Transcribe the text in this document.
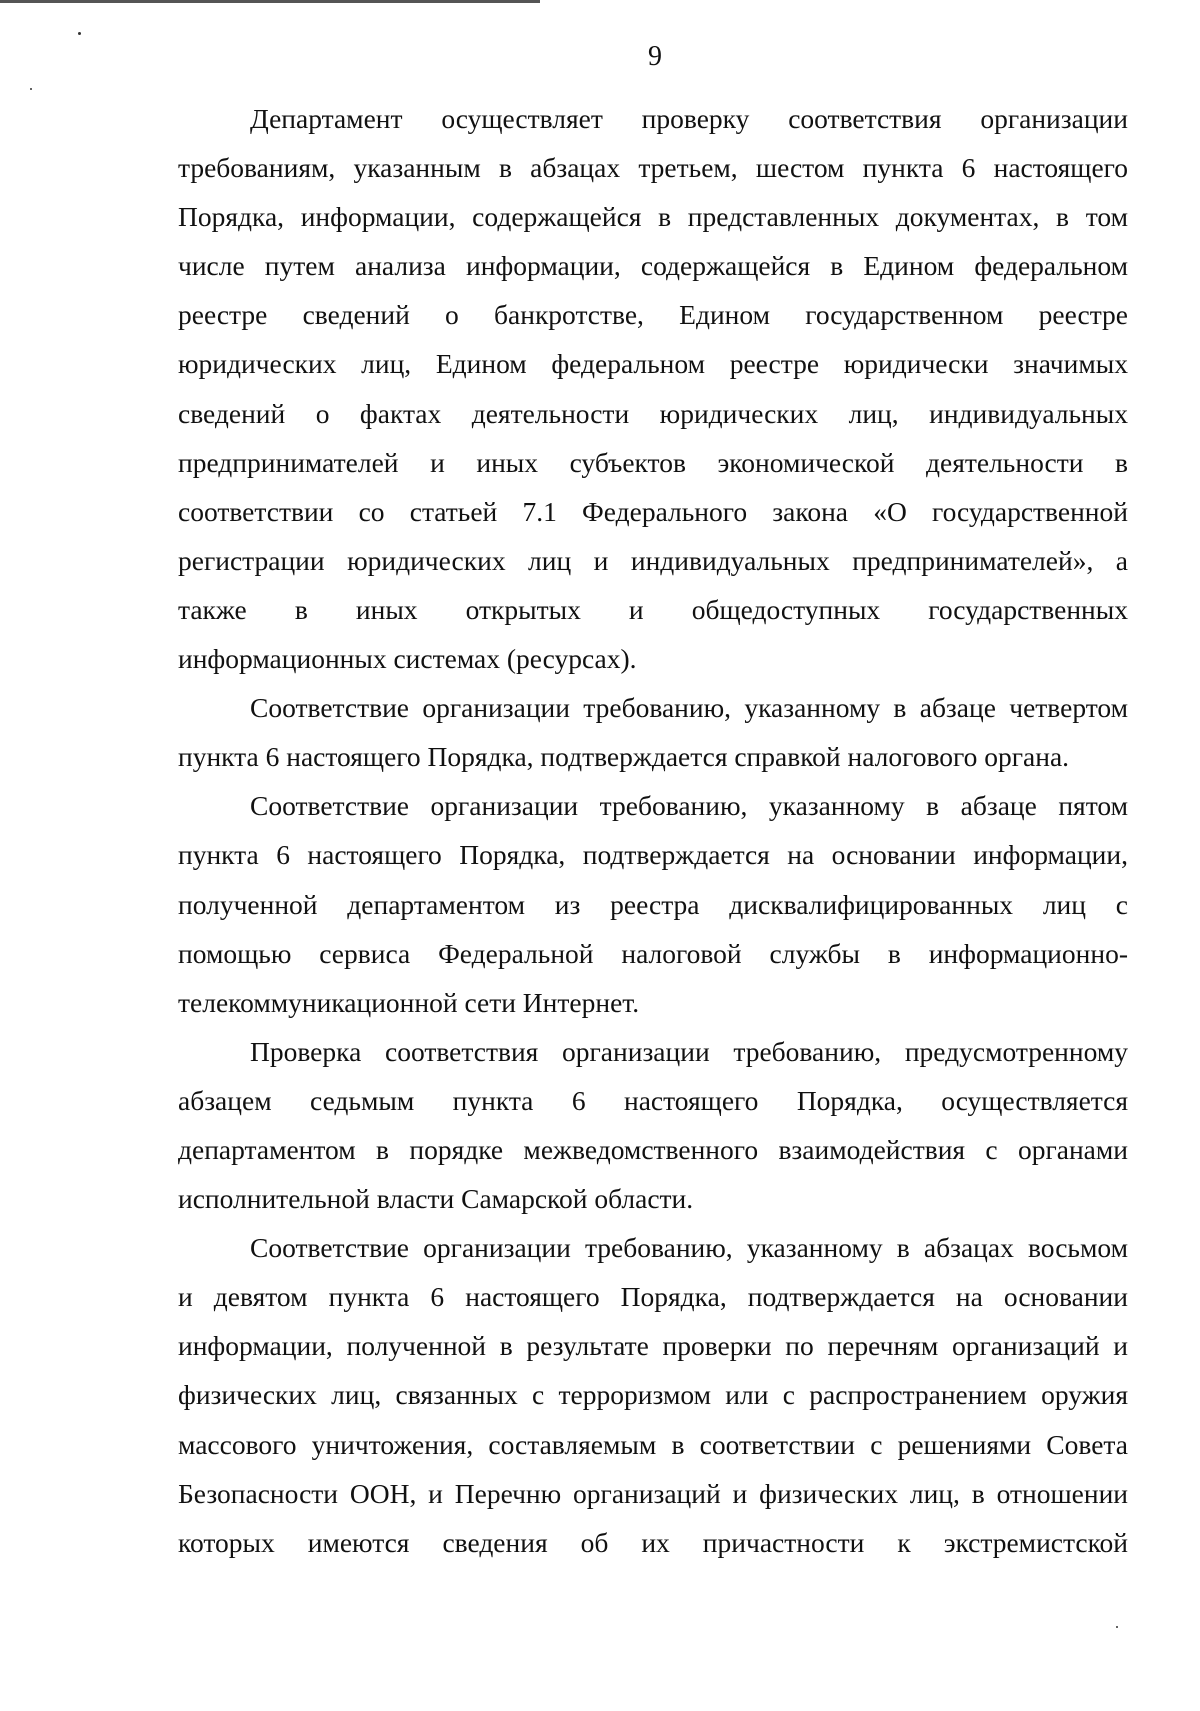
9
Департамент осуществляет проверку соответствия организации
требованиям, указанным в абзацах третьем, шестом пункта 6 настоящего
Порядка, информации, содержащейся в представленных документах, в том
числе путем анализа информации, содержащейся в Едином федеральном
реестре сведений о банкротстве, Едином государственном реестре
юридических лиц, Едином федеральном реестре юридически значимых
сведений о фактах деятельности юридических лиц, индивидуальных
предпринимателей и иных субъектов экономической деятельности в
соответствии со статьей 7.1 Федерального закона «О государственной
регистрации юридических лиц и индивидуальных предпринимателей», а
также в иных открытых и общедоступных государственных
информационных системах (ресурсах).
Соответствие организации требованию, указанному в абзаце четвертом
пункта 6 настоящего Порядка, подтверждается справкой налогового органа.
Соответствие организации требованию, указанному в абзаце пятом
пункта 6 настоящего Порядка, подтверждается на основании информации,
полученной департаментом из реестра дисквалифицированных лиц с
помощью сервиса Федеральной налоговой службы в информационно-
телекоммуникационной сети Интернет.
Проверка соответствия организации требованию, предусмотренному
абзацем седьмым пункта 6 настоящего Порядка, осуществляется
департаментом в порядке межведомственного взаимодействия с органами
исполнительной власти Самарской области.
Соответствие организации требованию, указанному в абзацах восьмом
и девятом пункта 6 настоящего Порядка, подтверждается на основании
информации, полученной в результате проверки по перечням организаций и
физических лиц, связанных с терроризмом или с распространением оружия
массового уничтожения, составляемым в соответствии с решениями Совета
Безопасности ООН, и Перечню организаций и физических лиц, в отношении
которых имеются сведения об их причастности к экстремистской
